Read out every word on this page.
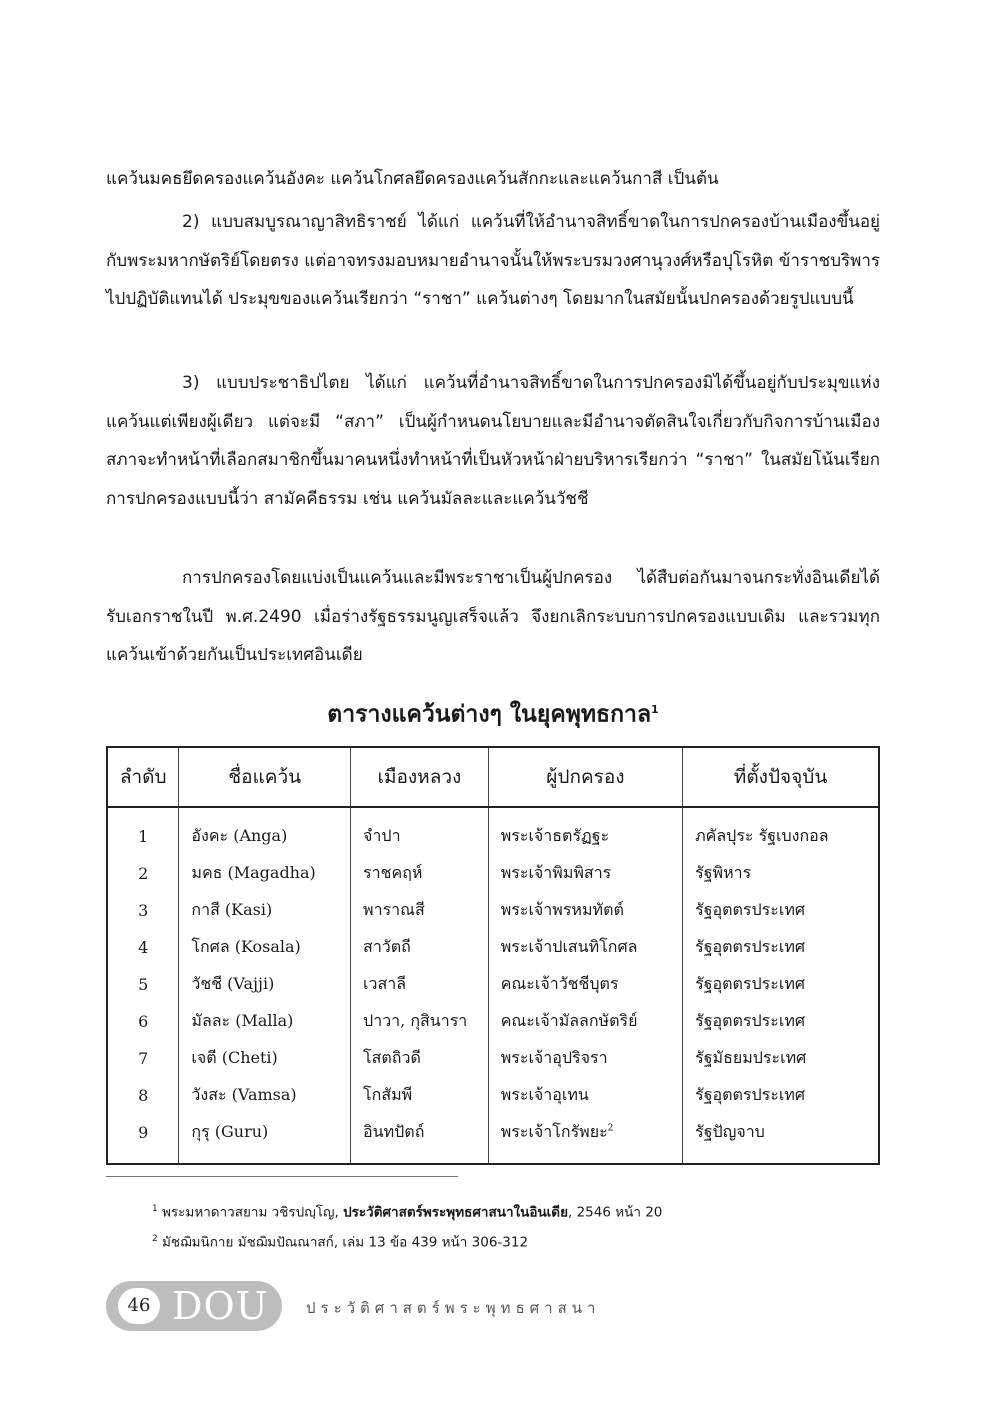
แคว้นมคธยึดครองแคว้นอังคะ แคว้นโกศลยึดครองแคว้นสักกะและแคว้นกาสี เป็นต้น
2) แบบสมบูรณาญาสิทธิราชย์ ได้แก่ แคว้นที่ให้อำนาจสิทธิ์ขาดในการปกครองบ้านเมืองขึ้นอยู่กับพระมหากษัตริย์โดยตรง แต่อาจทรงมอบหมายอำนาจนั้นให้พระบรมวงศานุวงศ์หรือปุโรหิต ข้าราชบริพารไปปฏิบัติแทนได้ ประมุขของแคว้นเรียกว่า “ราชา” แคว้นต่างๆ โดยมากในสมัยนั้นปกครองด้วยรูปแบบนี้
3) แบบประชาธิปไตย ได้แก่ แคว้นที่อำนาจสิทธิ์ขาดในการปกครองมิได้ขึ้นอยู่กับประมุขแห่งแคว้นแต่เพียงผู้เดียว แต่จะมี “สภา” เป็นผู้กำหนดนโยบายและมีอำนาจตัดสินใจเกี่ยวกับกิจการบ้านเมือง สภาจะทำหน้าที่เลือกสมาชิกขึ้นมาคนหนึ่งทำหน้าที่เป็นหัวหน้าฝ่ายบริหารเรียกว่า “ราชา” ในสมัยโน้นเรียกการปกครองแบบนี้ว่า สามัคคีธรรม เช่น แคว้นมัลละและแคว้นวัชชี
การปกครองโดยแบ่งเป็นแคว้นและมีพระราชาเป็นผู้ปกครอง ได้สืบต่อกันมาจนกระทั่งอินเดียได้รับเอกราชในปี พ.ศ.2490 เมื่อร่างรัฐธรรมนูญเสร็จแล้ว จึงยกเลิกระบบการปกครองแบบเดิม และรวมทุกแคว้นเข้าด้วยกันเป็นประเทศอินเดีย
ตารางแคว้นต่างๆ ในยุคพุทธกาล$^1$
ลำดับ	ชื่อแคว้น	เมืองหลวง	ผู้ปกครอง	ที่ตั้งปัจจุบัน
1	อังคะ (Anga)	จำปา	พระเจ้าธตรัฏฐะ	ภคัลปุระ รัฐเบงกอล
2	มคธ (Magadha)	ราชคฤห์	พระเจ้าพิมพิสาร	รัฐพิหาร
3	กาสี (Kasi)	พาราณสี	พระเจ้าพรหมทัตต์	รัฐอุตตรประเทศ
4	โกศล (Kosala)	สาวัตถี	พระเจ้าปเสนทิโกศล	รัฐอุตตรประเทศ
5	วัชชี (Vajji)	เวสาลี	คณะเจ้าวัชชีบุตร	รัฐอุตตรประเทศ
6	มัลละ (Malla)	ปาวา, กุสินารา	คณะเจ้ามัลลกษัตริย์	รัฐอุตตรประเทศ
7	เจตี (Cheti)	โสตถิวดี	พระเจ้าอุปริจรา	รัฐมัธยมประเทศ
8	วังสะ (Vamsa)	โกสัมพี	พระเจ้าอุเทน	รัฐอุตตรประเทศ
9	กุรุ (Guru)	อินทปัตถ์	พระเจ้าโกรัพยะ$^2$	รัฐปัญจาบ
$^1$ พระมหาดาวสยาม วชิรปญฺโญ, ประวัติศาสตร์พระพุทธศาสนาในอินเดีย, 2546 หน้า 20
$^2$ มัชฌิมนิกาย มัชฌิมปัณณาสก์, เล่ม 13 ข้อ 439 หน้า 306-312
46 DOU ประวัติศาสตร์พระพุทธศาสนา
